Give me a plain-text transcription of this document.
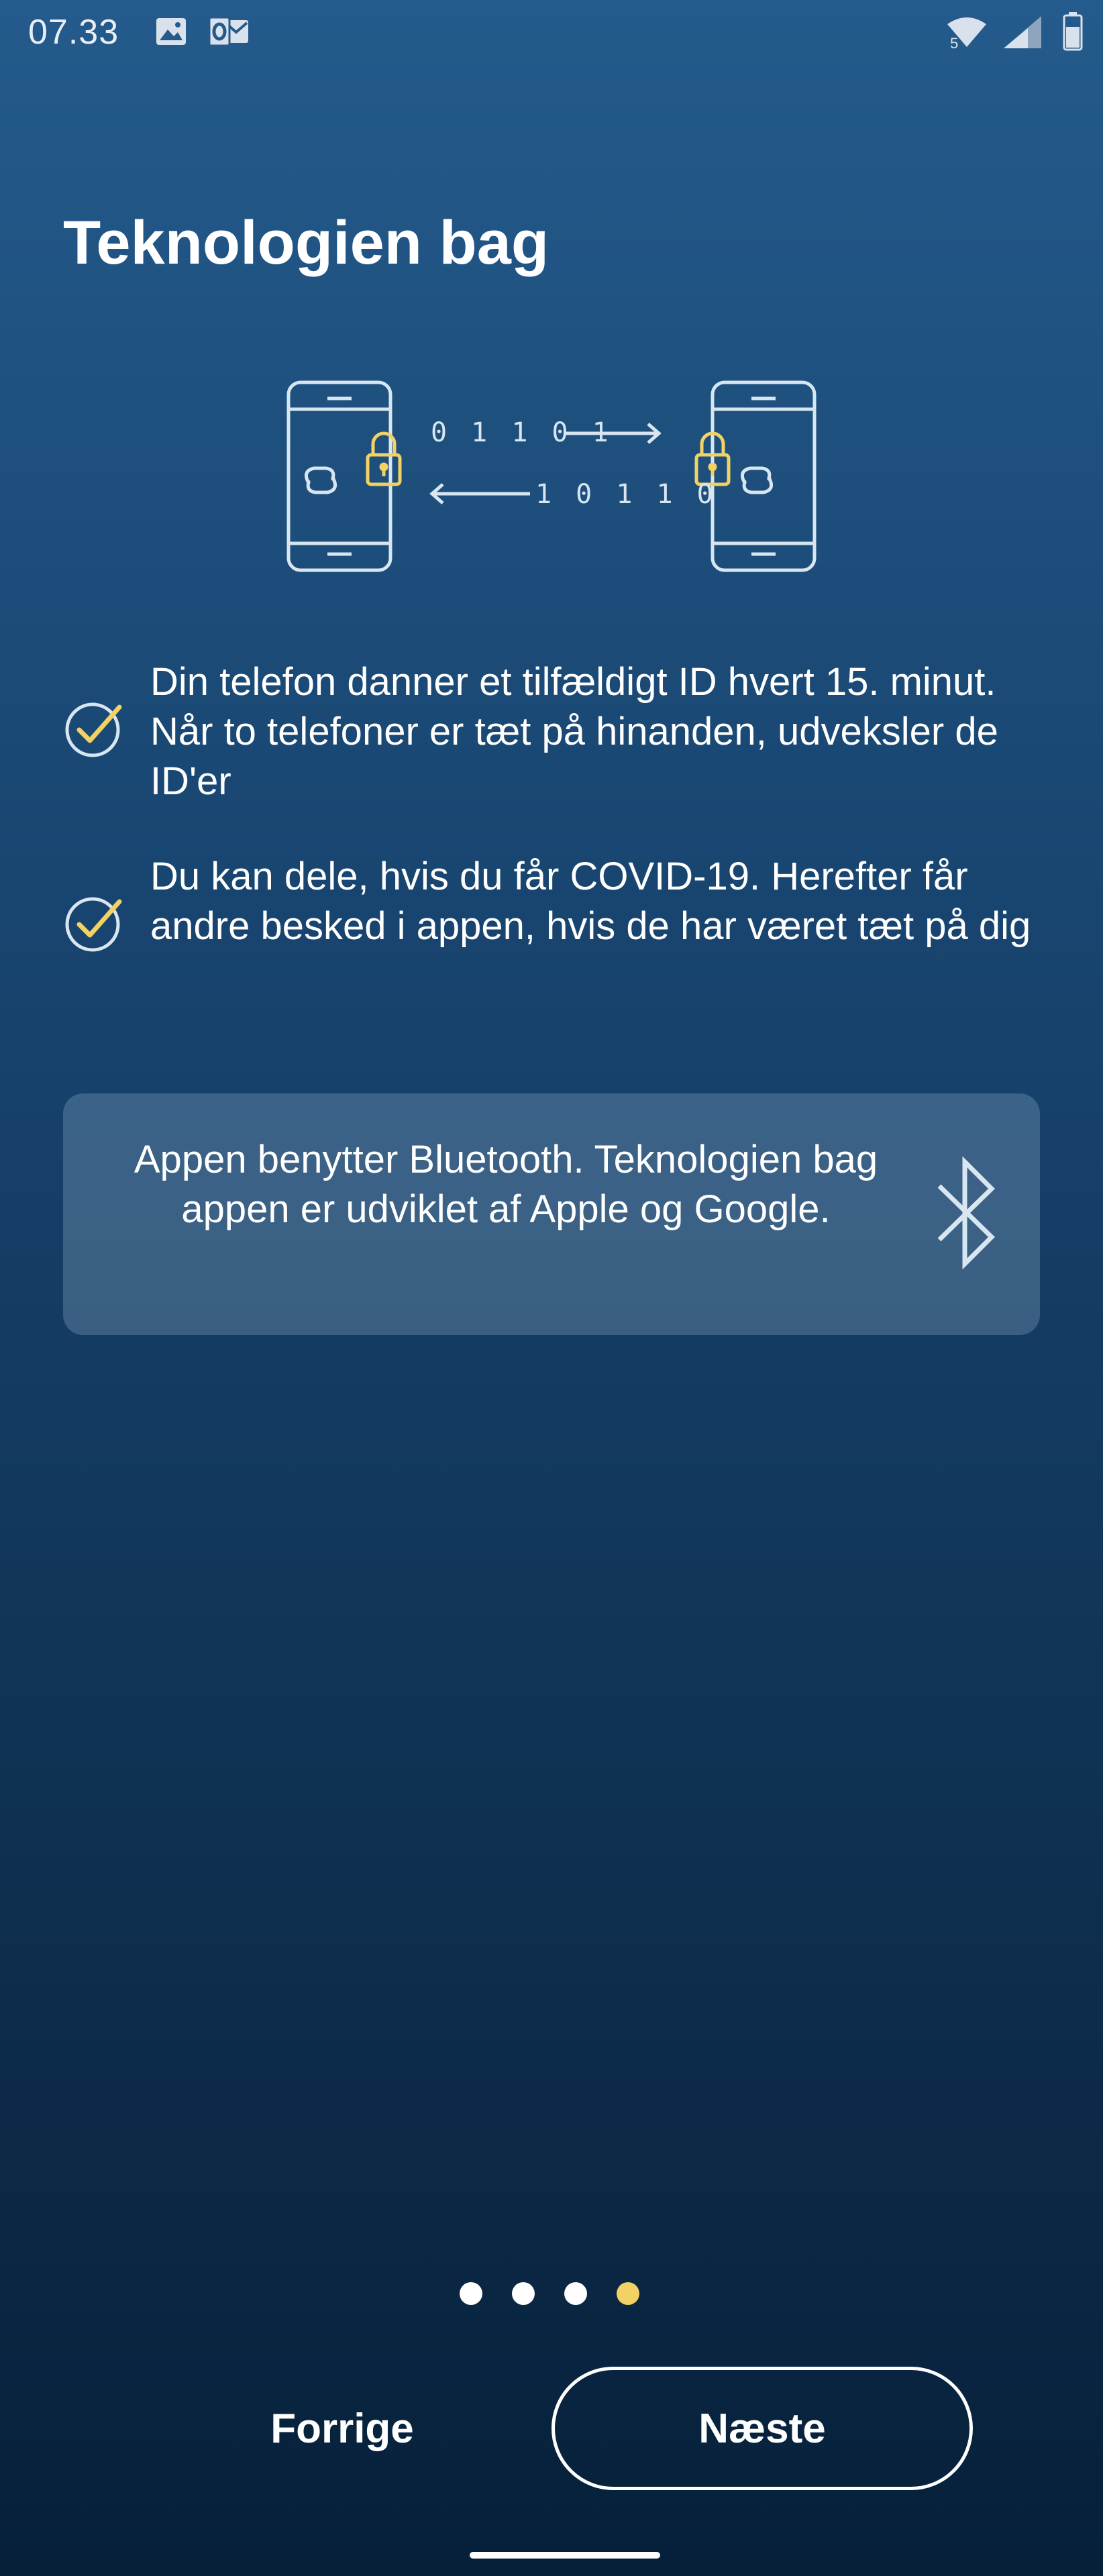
07.33	5
Teknologien bag
0 1 1 0 1
1 0 1 1 0
Din telefon danner et tilfældigt ID hvert 15. minut. Når to telefoner er tæt på hinanden, udveksler de ID'er
Du kan dele, hvis du får COVID-19. Herefter får andre besked i appen, hvis de har været tæt på dig
Appen benytter Bluetooth. Teknologien bag appen er udviklet af Apple og Google.
Forrige	Næste
